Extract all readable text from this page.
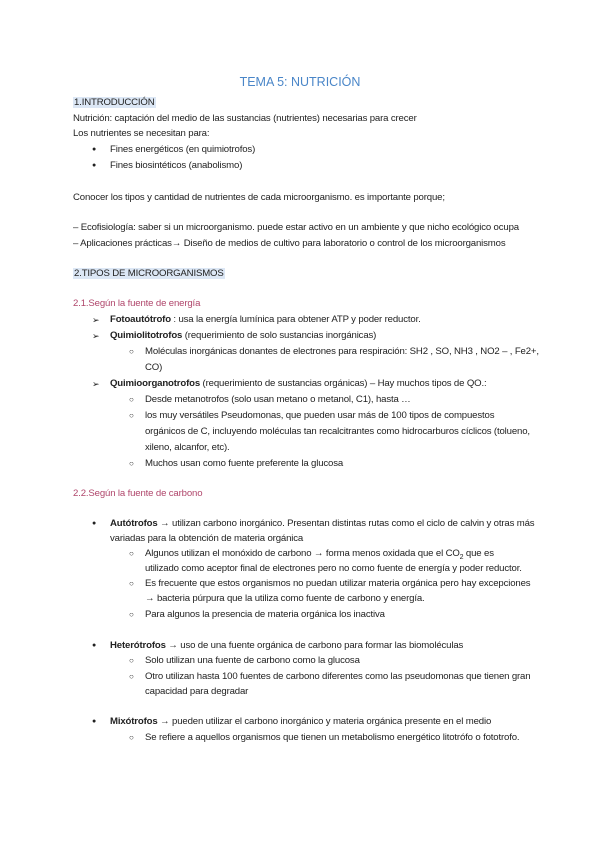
TEMA 5: NUTRICIÓN
1.INTRODUCCIÓN
Nutrición: captación del medio de las sustancias (nutrientes) necesarias para crecer
Los nutrientes se necesitan para:
● Fines energéticos (en quimiotrofos)
● Fines biosintéticos (anabolismo)
Conocer los tipos y cantidad de nutrientes de cada microorganismo. es importante porque;
– Ecofisiología: saber si un microorganismo. puede estar activo en un ambiente y que nicho ecológico ocupa
– Aplicaciones prácticas→ Diseño de medios de cultivo para laboratorio o control de los microorganismos
2.TIPOS DE MICROORGANISMOS
2.1.Según la fuente de energía
➢ Fotoautótrofo : usa la energía lumínica para obtener ATP y poder reductor.
➢ Quimiolitotrofos (requerimiento de solo sustancias inorgánicas)
○ Moléculas inorgánicas donantes de electrones para respiración: SH2 , SO, NH3 , NO2 – , Fe2+,
CO)
➢ Quimioorganotrofos (requerimiento de sustancias orgánicas) – Hay muchos tipos de QO.:
○ Desde metanotrofos (solo usan metano o metanol, C1), hasta …
○ los muy versátiles Pseudomonas, que pueden usar más de 100 tipos de compuestos
orgánicos de C, incluyendo moléculas tan recalcitrantes como hidrocarburos cíclicos (tolueno,
xileno, alcanfor, etc).
○ Muchos usan como fuente preferente la glucosa
2.2.Según la fuente de carbono
● Autótrofos → utilizan carbono inorgánico. Presentan distintas rutas como el ciclo de calvin y otras más
variadas para la obtención de materia orgánica
○ Algunos utilizan el monóxido de carbono → forma menos oxidada que el $CO_2$ que es
utilizado como aceptor final de electrones pero no como fuente de energía y poder reductor.
○ Es frecuente que estos organismos no puedan utilizar materia orgánica pero hay excepciones
→ bacteria púrpura que la utiliza como fuente de carbono y energía.
○ Para algunos la presencia de materia orgánica los inactiva
● Heterótrofos → uso de una fuente orgánica de carbono para formar las biomoléculas
○ Solo utilizan una fuente de carbono como la glucosa
○ Otro utilizan hasta 100 fuentes de carbono diferentes como las pseudomonas que tienen gran
capacidad para degradar
● Mixótrofos → pueden utilizar el carbono inorgánico y materia orgánica presente en el medio
○ Se refiere a aquellos organismos que tienen un metabolismo energético litotrófo o fototrofo.
